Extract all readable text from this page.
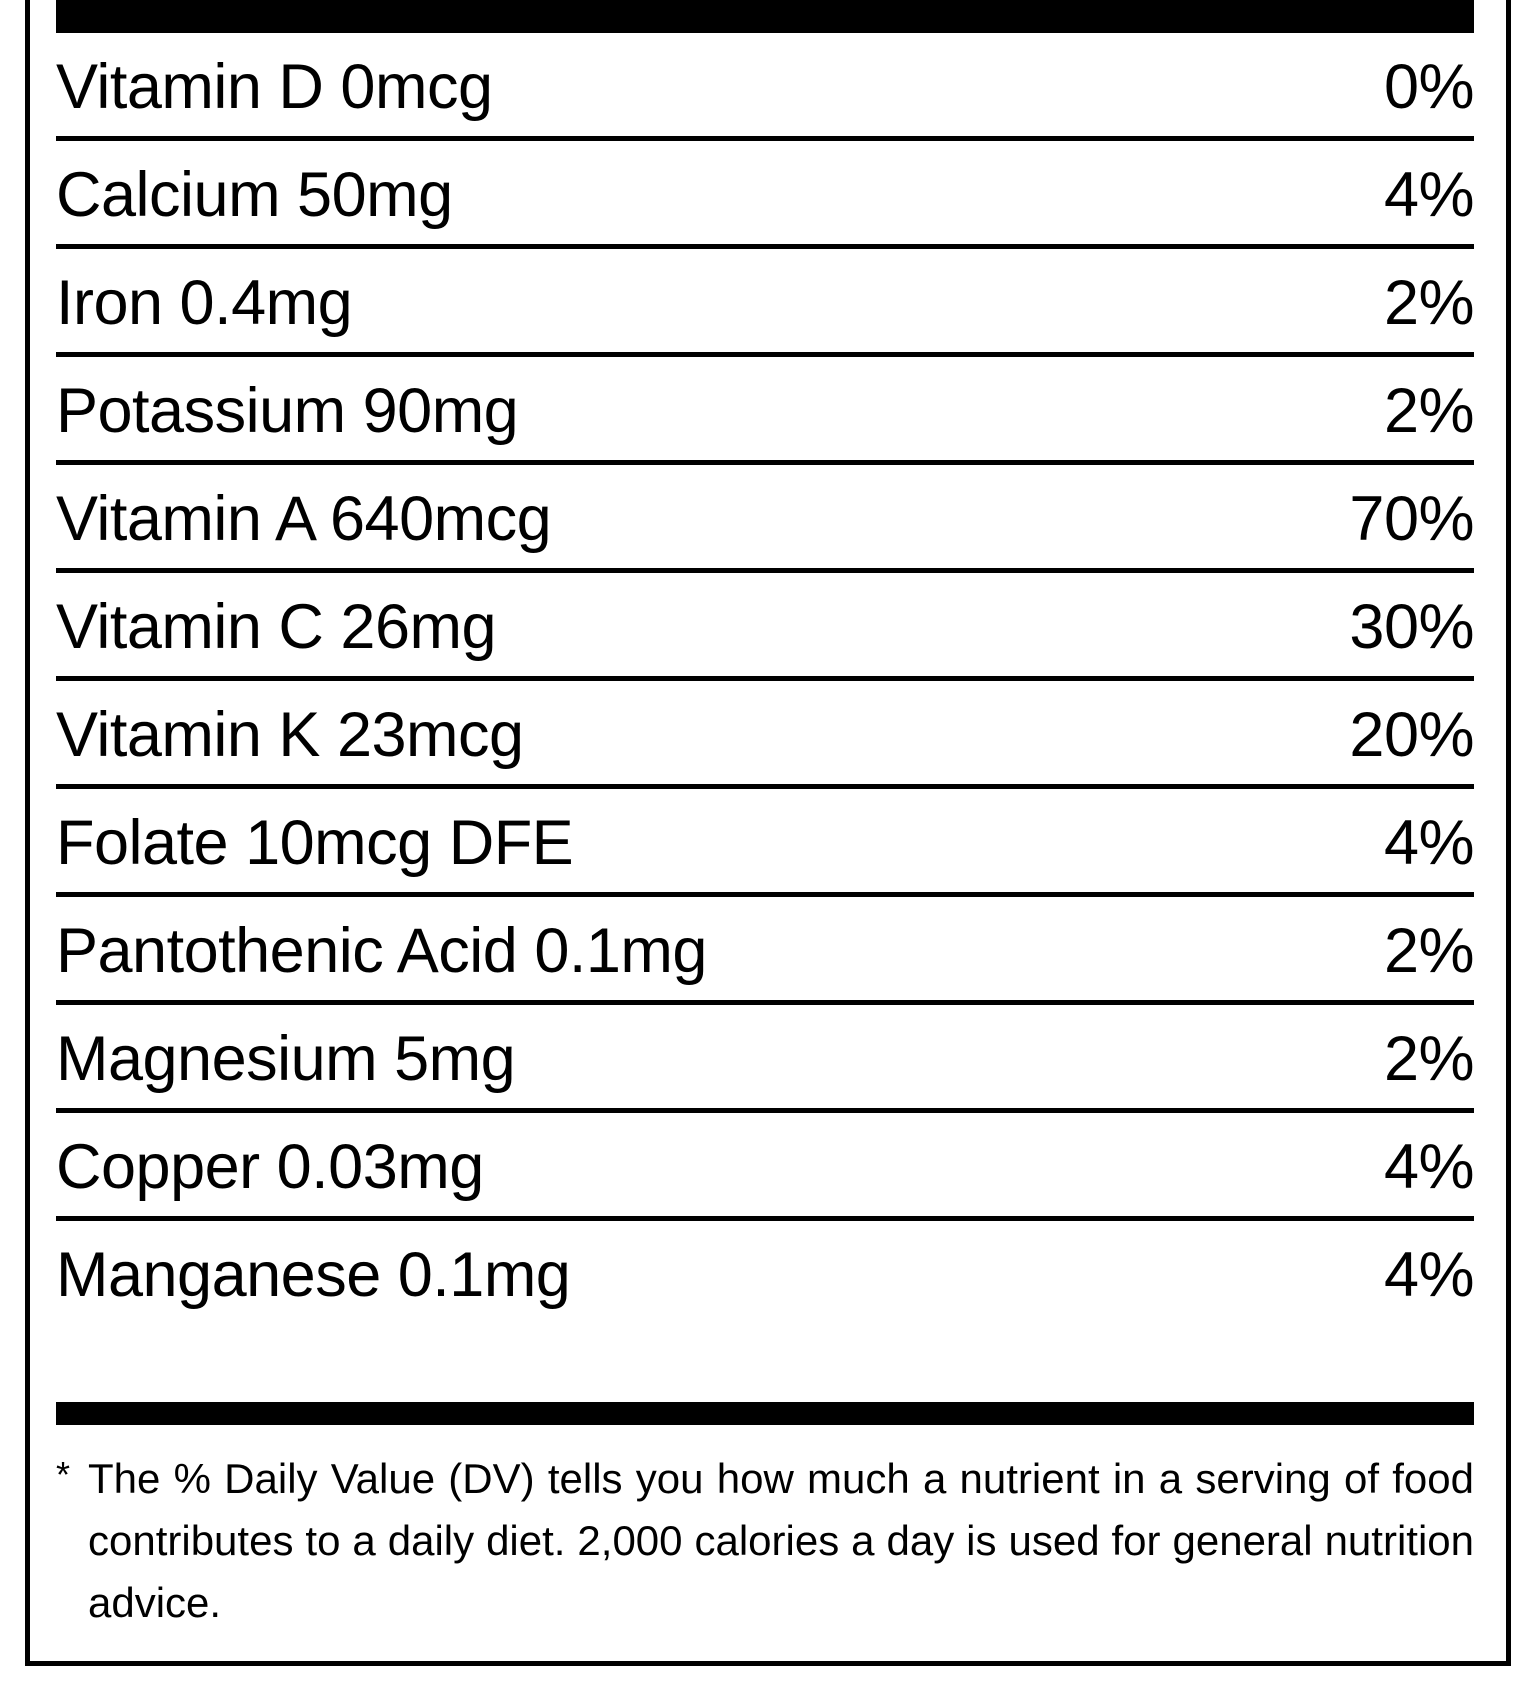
Vitamin D 0mcg	0%
Calcium 50mg	4%
Iron 0.4mg	2%
Potassium 90mg	2%
Vitamin A 640mcg	70%
Vitamin C 26mg	30%
Vitamin K 23mcg	20%
Folate 10mcg DFE	4%
Pantothenic Acid 0.1mg	2%
Magnesium 5mg	2%
Copper 0.03mg	4%
Manganese 0.1mg	4%
* The % Daily Value (DV) tells you how much a nutrient in a serving of food contributes to a daily diet. 2,000 calories a day is used for general nutrition advice.
